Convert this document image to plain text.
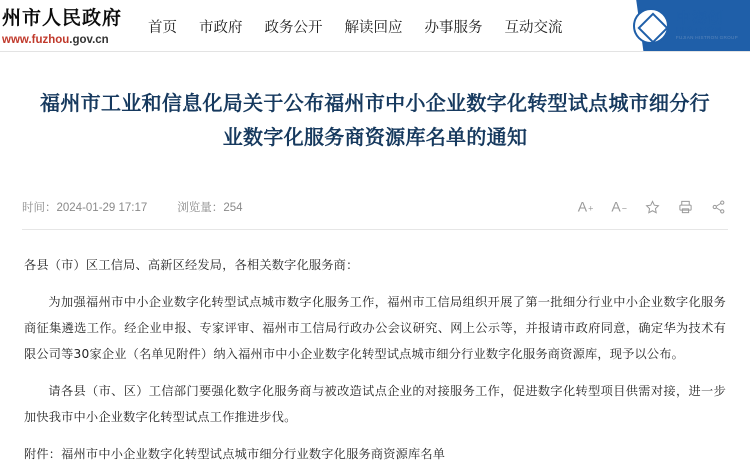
州市人民政府
www.fuzhou.gov.cn
首页 市政府 政务公开 解读回应 办事服务 互动交流
中海创
HISTRON
FUJIAN HISTRON GROUP
福州市工业和信息化局关于公布福州市中小企业数字化转型试点城市细分行业数字化服务商资源库名单的通知
时间：2024-01-29 17:17	浏览量：254	A + A −

各县（市）区工信局、高新区经发局，各相关数字化服务商：

为加强福州市中小企业数字化转型试点城市数字化服务工作，福州市工信局组织开展了第一批细分行业中小企业数字化服务商征集遴选工作。经企业申报、专家评审、福州市工信局行政办公会议研究、网上公示等，并报请市政府同意，确定华为技术有限公司等30家企业（名单见附件）纳入福州市中小企业数字化转型试点城市细分行业数字化服务商资源库，现予以公布。

请各县（市、区）工信部门要强化数字化服务商与被改造试点企业的对接服务工作，促进数字化转型项目供需对接，进一步加快我市中小企业数字化转型试点工作推进步伐。

附件：福州市中小企业数字化转型试点城市细分行业数字化服务商资源库名单
